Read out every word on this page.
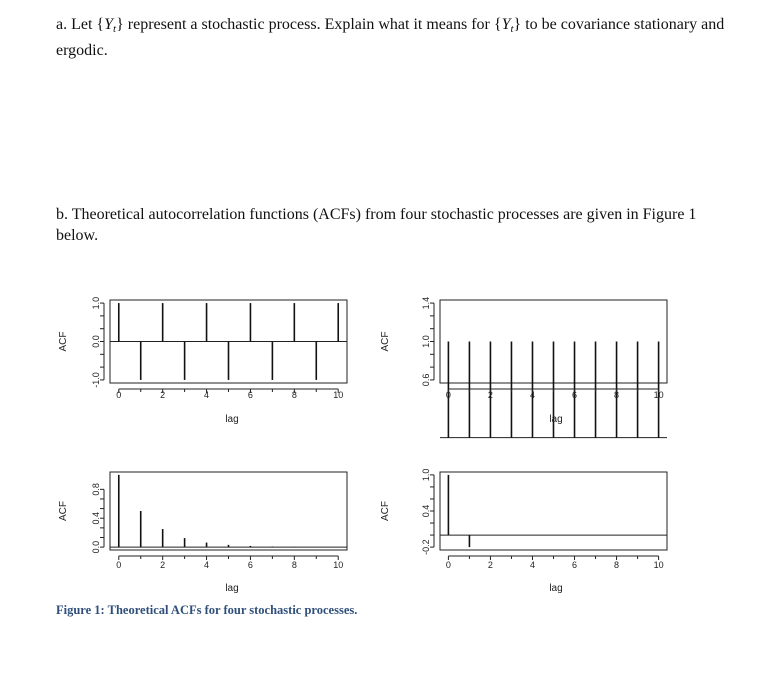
a. Let $\{Y_t\}$ represent a stochastic process. Explain what it means for $\{Y_t\}$ to be covariance stationary and ergodic.
b. Theoretical autocorrelation functions (ACFs) from four stochastic processes are given in Figure 1 below.
0	2	4	6	8	10
lag
-1.0
0.0
1.0
ACF
0	2	4	6	8	10
lag
0.6
1.0
1.4
ACF
0	2	4	6	8	10
lag
0.0
0.4
0.8
ACF
0	2	4	6	8	10
lag
-0.2
0.4
1.0
ACF
Figure 1: Theoretical ACFs for four stochastic processes.
